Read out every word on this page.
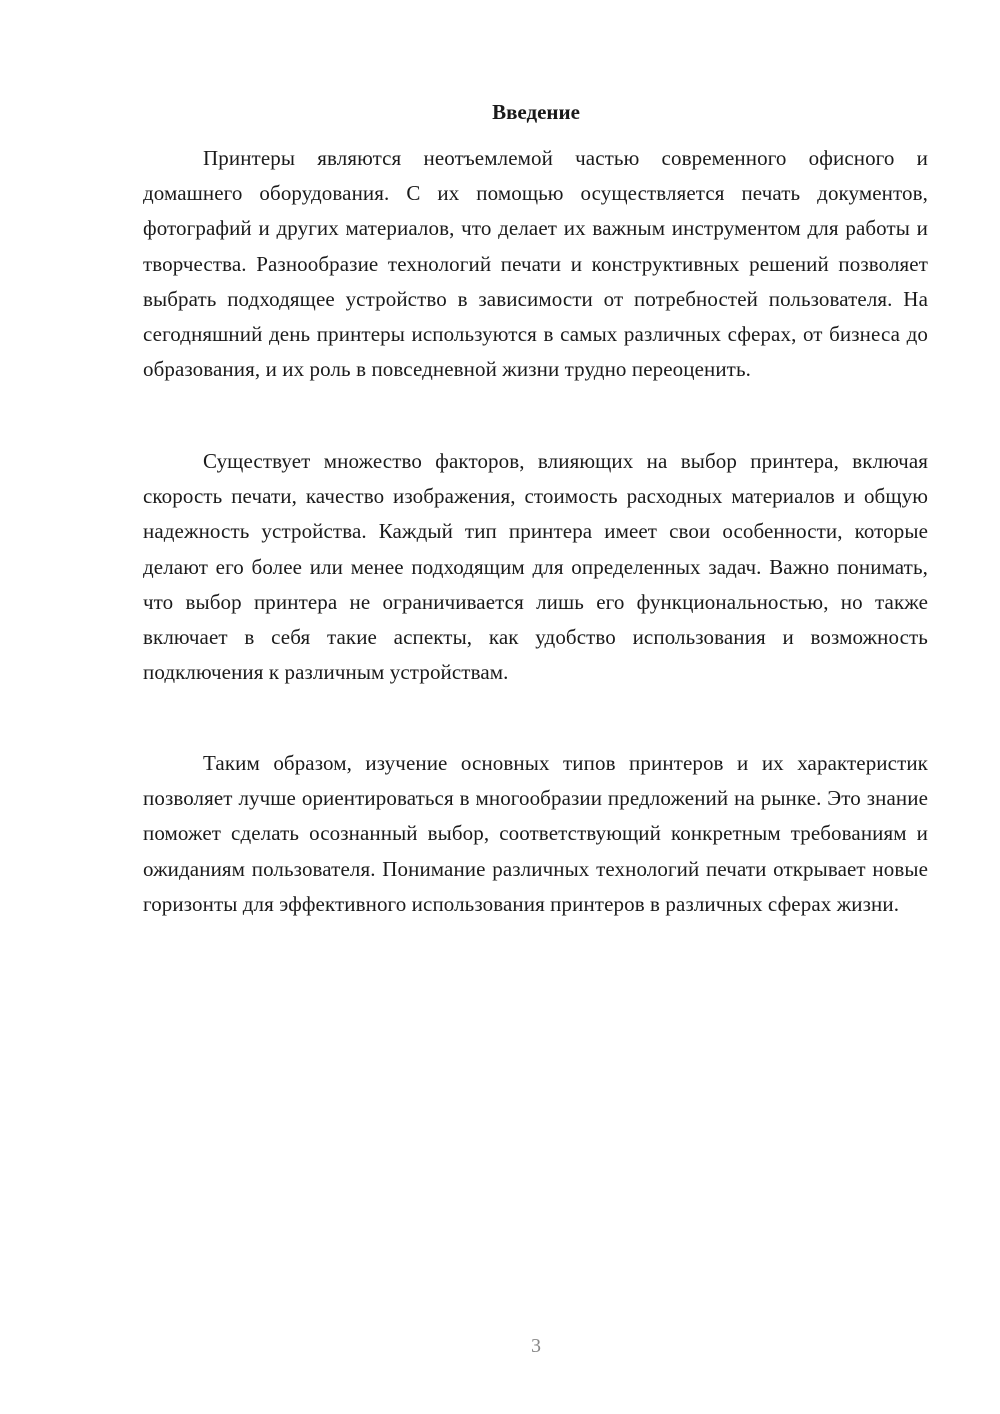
Введение

Принтеры являются неотъемлемой частью современного офисного и домашнего оборудования. С их помощью осуществляется печать документов, фотографий и других материалов, что делает их важным инструментом для работы и творчества. Разнообразие технологий печати и конструктивных решений позволяет выбрать подходящее устройство в зависимости от потребностей пользователя. На сегодняшний день принтеры используются в самых различных сферах, от бизнеса до образования, и их роль в повседневной жизни трудно переоценить.

Существует множество факторов, влияющих на выбор принтера, включая скорость печати, качество изображения, стоимость расходных материалов и общую надежность устройства. Каждый тип принтера имеет свои особенности, которые делают его более или менее подходящим для определенных задач. Важно понимать, что выбор принтера не ограничивается лишь его функциональностью, но также включает в себя такие аспекты, как удобство использования и возможность подключения к различным устройствам.

Таким образом, изучение основных типов принтеров и их характеристик позволяет лучше ориентироваться в многообразии предложений на рынке. Это знание поможет сделать осознанный выбор, соответствующий конкретным требованиям и ожиданиям пользователя. Понимание различных технологий печати открывает новые горизонты для эффективного использования принтеров в различных сферах жизни.

3
